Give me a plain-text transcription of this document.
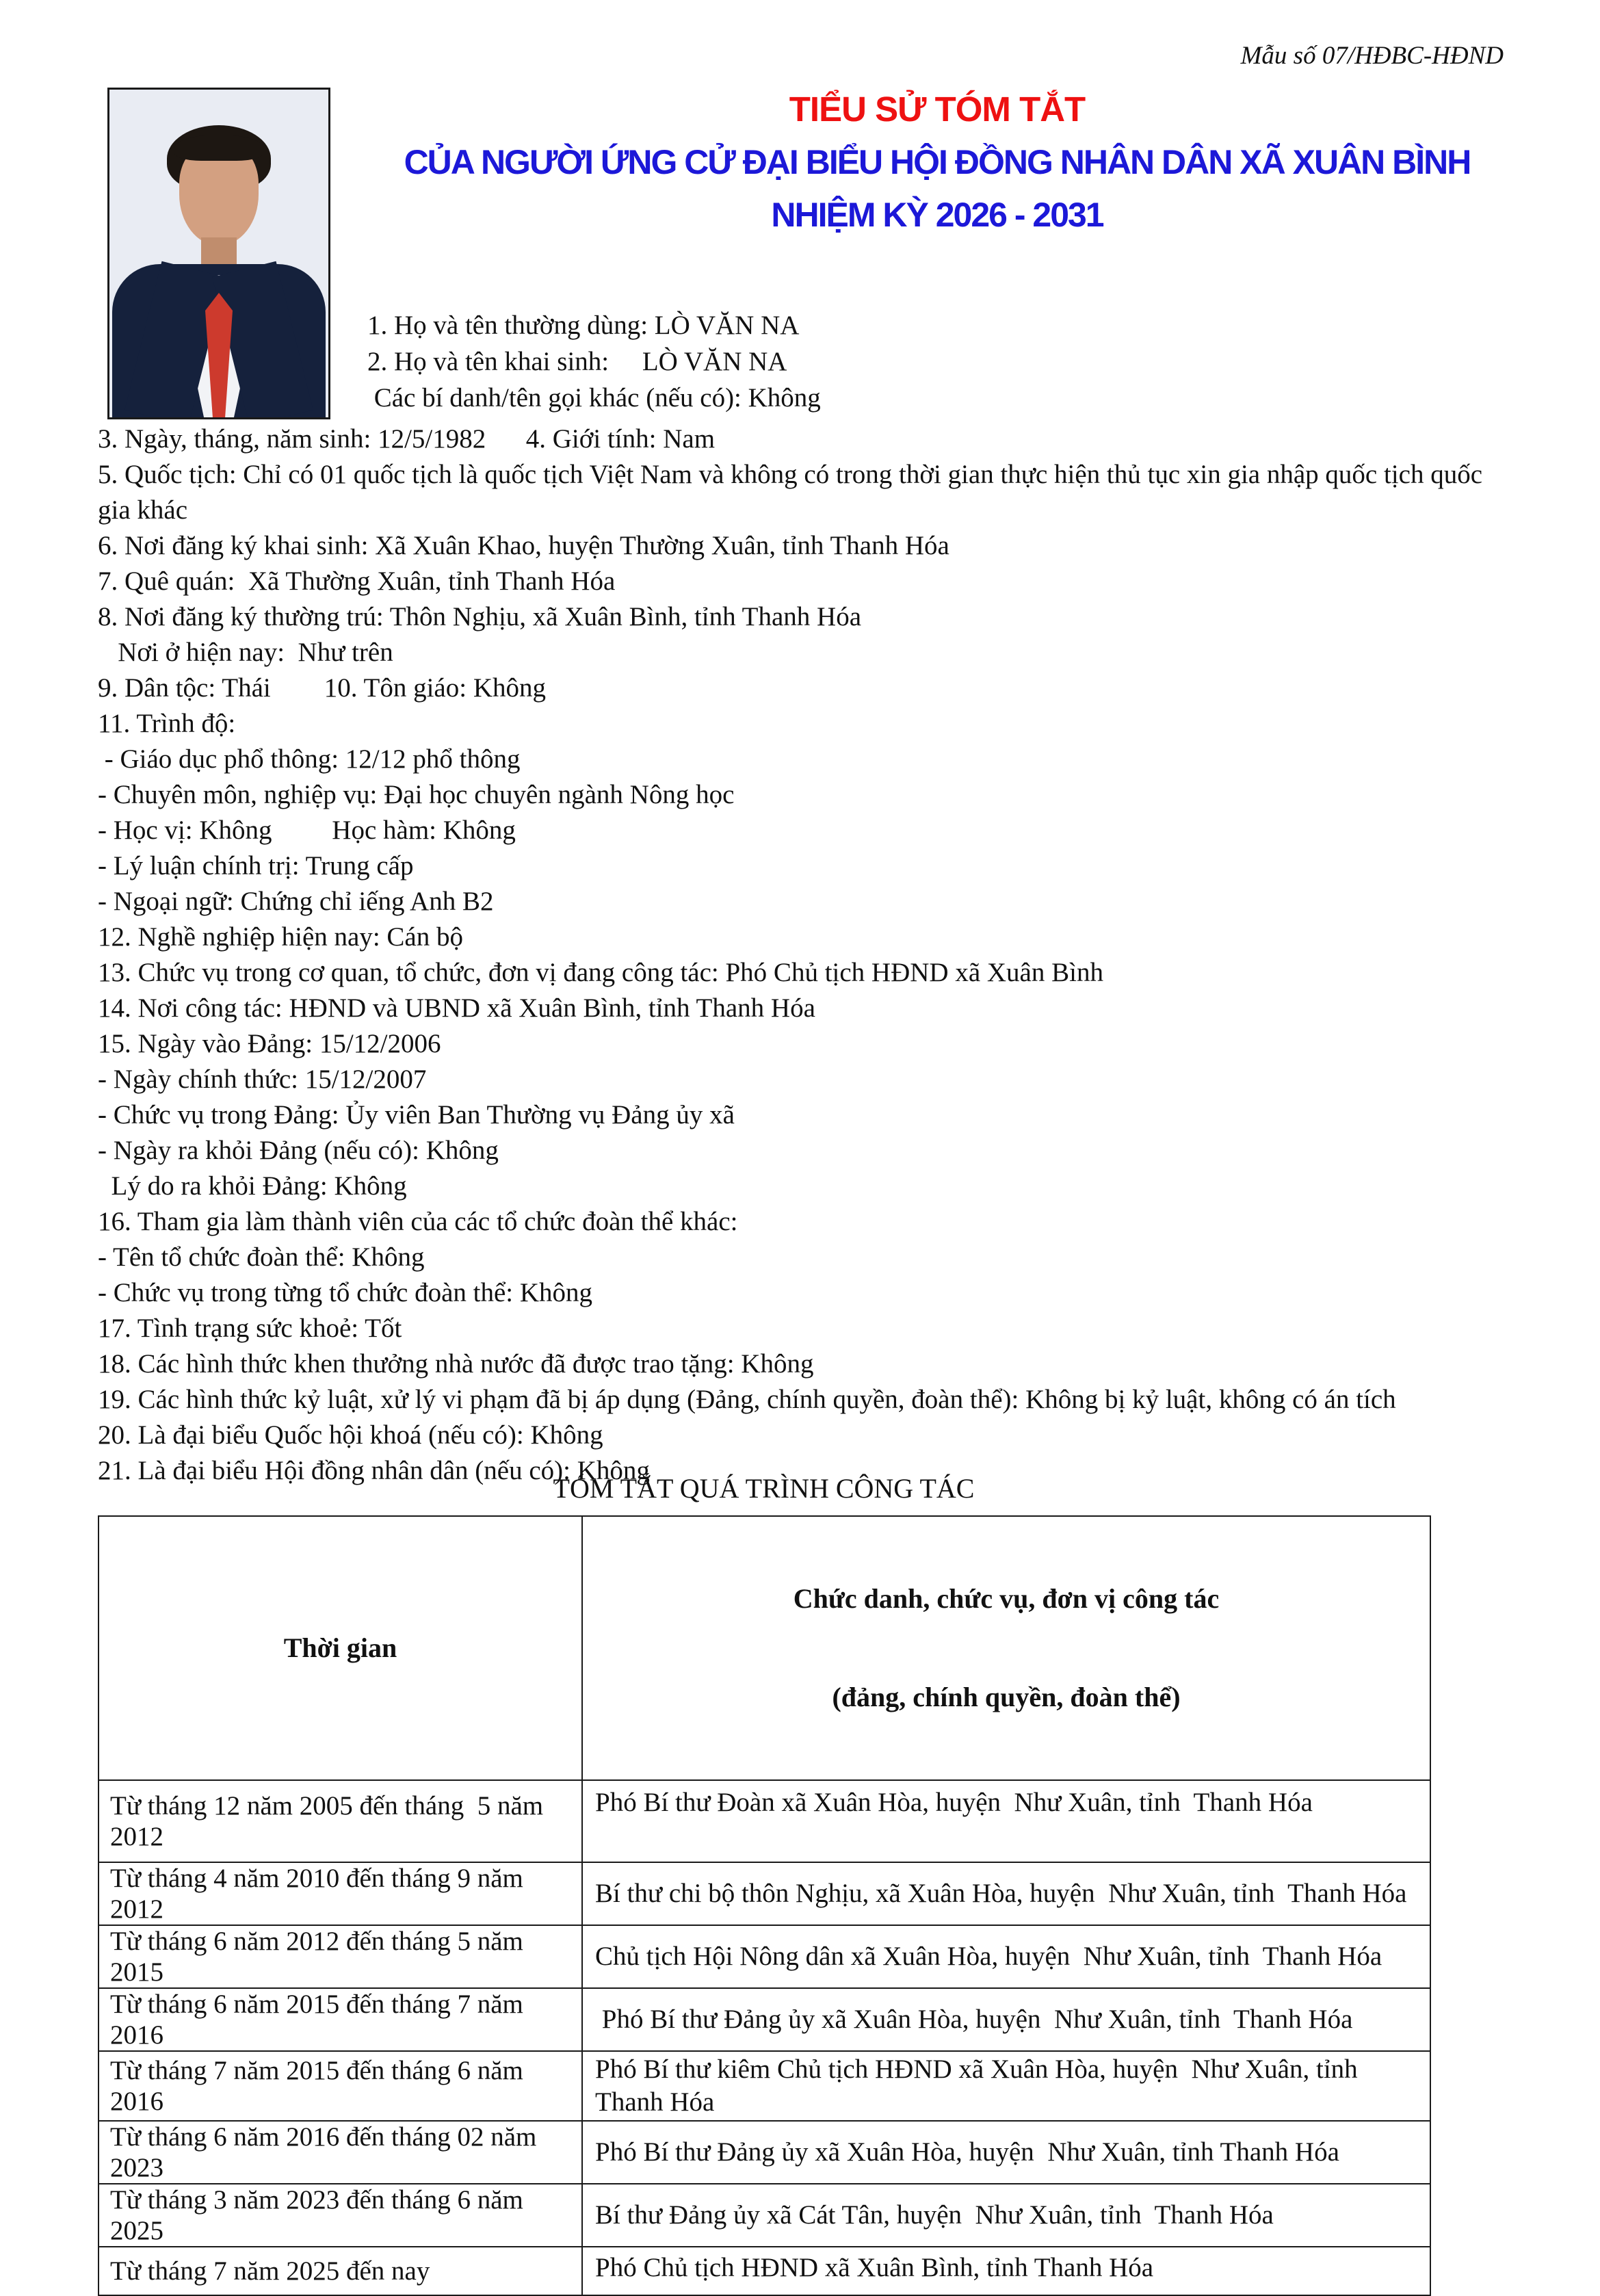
Mẫu số 07/HĐBC-HĐND
TIỂU SỬ TÓM TẮT
CỦA NGƯỜI ỨNG CỬ ĐẠI BIỂU HỘI ĐỒNG NHÂN DÂN XÃ XUÂN BÌNH
NHIỆM KỲ 2026 - 2031
1. Họ và tên thường dùng: LÒ VĂN NA
2. Họ và tên khai sinh:     LÒ VĂN NA
Các bí danh/tên gọi khác (nếu có): Không
3. Ngày, tháng, năm sinh: 12/5/1982      4. Giới tính: Nam
5. Quốc tịch: Chỉ có 01 quốc tịch là quốc tịch Việt Nam và không có trong thời gian thực hiện thủ tục xin gia nhập quốc tịch quốc gia khác
6. Nơi đăng ký khai sinh: Xã Xuân Khao, huyện Thường Xuân, tỉnh Thanh Hóa
7. Quê quán:  Xã Thường Xuân, tỉnh Thanh Hóa
8. Nơi đăng ký thường trú: Thôn Nghịu, xã Xuân Bình, tỉnh Thanh Hóa
Nơi ở hiện nay:  Như trên
9. Dân tộc: Thái        10. Tôn giáo: Không
11. Trình độ:
- Giáo dục phổ thông: 12/12 phổ thông
- Chuyên môn, nghiệp vụ: Đại học chuyên ngành Nông học
- Học vị: Không         Học hàm: Không
- Lý luận chính trị: Trung cấp
- Ngoại ngữ: Chứng chỉ iếng Anh B2
12. Nghề nghiệp hiện nay: Cán bộ
13. Chức vụ trong cơ quan, tổ chức, đơn vị đang công tác: Phó Chủ tịch HĐND xã Xuân Bình
14. Nơi công tác: HĐND và UBND xã Xuân Bình, tỉnh Thanh Hóa
15. Ngày vào Đảng: 15/12/2006
- Ngày chính thức: 15/12/2007
- Chức vụ trong Đảng: Ủy viên Ban Thường vụ Đảng ủy xã
- Ngày ra khỏi Đảng (nếu có): Không
Lý do ra khỏi Đảng: Không
16. Tham gia làm thành viên của các tổ chức đoàn thể khác:
- Tên tổ chức đoàn thể: Không
- Chức vụ trong từng tổ chức đoàn thể: Không
17. Tình trạng sức khoẻ: Tốt
18. Các hình thức khen thưởng nhà nước đã được trao tặng: Không
19. Các hình thức kỷ luật, xử lý vi phạm đã bị áp dụng (Đảng, chính quyền, đoàn thể): Không bị kỷ luật, không có án tích
20. Là đại biểu Quốc hội khoá (nếu có): Không
21. Là đại biểu Hội đồng nhân dân (nếu có): Không
TÓM TẮT QUÁ TRÌNH CÔNG TÁC
Thời gian	Chức danh, chức vụ, đơn vị công tác

(đảng, chính quyền, đoàn thể)

Từ tháng 12 năm 2005 đến tháng  5 năm 2012	Phó Bí thư Đoàn xã Xuân Hòa, huyện  Như Xuân, tỉnh  Thanh Hóa
Từ tháng 4 năm 2010 đến tháng 9 năm 2012	Bí thư chi bộ thôn Nghịu, xã Xuân Hòa, huyện  Như Xuân, tỉnh  Thanh Hóa
Từ tháng 6 năm 2012 đến tháng 5 năm 2015	Chủ tịch Hội Nông dân xã Xuân Hòa, huyện  Như Xuân, tỉnh  Thanh Hóa
Từ tháng 6 năm 2015 đến tháng 7 năm 2016	Phó Bí thư Đảng ủy xã Xuân Hòa, huyện  Như Xuân, tỉnh  Thanh Hóa
Từ tháng 7 năm 2015 đến tháng 6 năm 2016	Phó Bí thư kiêm Chủ tịch HĐND xã Xuân Hòa, huyện  Như Xuân, tỉnh  Thanh Hóa
Từ tháng 6 năm 2016 đến tháng 02 năm 2023	Phó Bí thư Đảng ủy xã Xuân Hòa, huyện  Như Xuân, tỉnh Thanh Hóa
Từ tháng 3 năm 2023 đến tháng 6 năm 2025	Bí thư Đảng ủy xã Cát Tân, huyện  Như Xuân, tỉnh  Thanh Hóa
Từ tháng 7 năm 2025 đến nay	Phó Chủ tịch HĐND xã Xuân Bình, tỉnh Thanh Hóa
